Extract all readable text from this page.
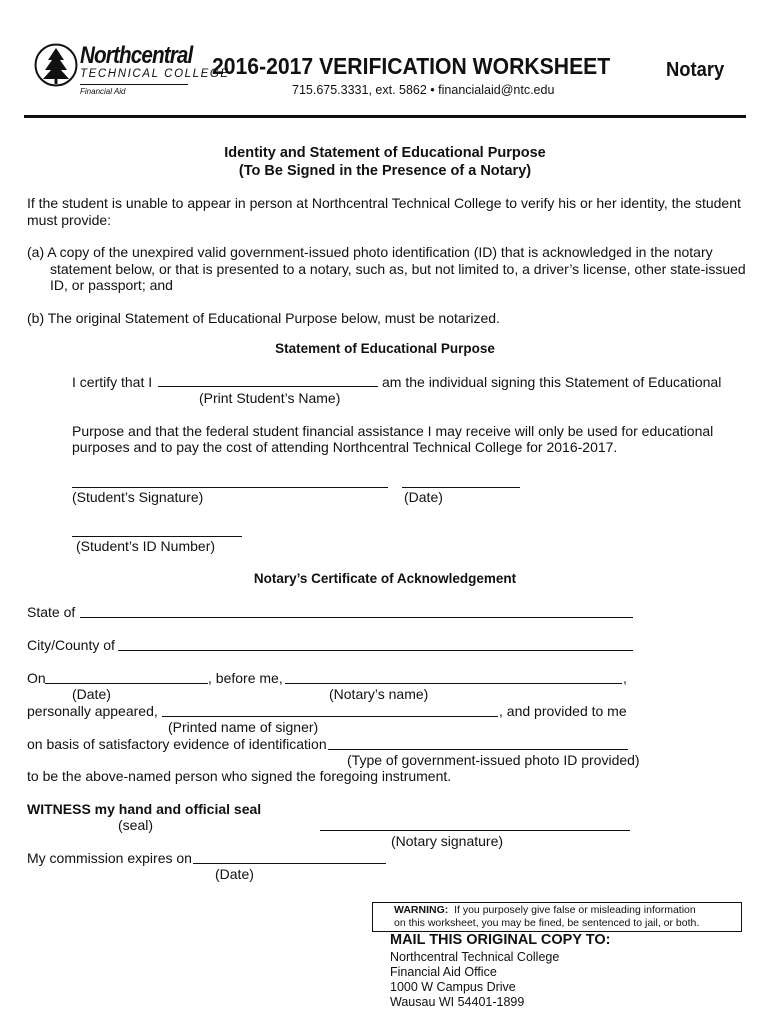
Northcentral
TECHNICAL COLLEGE
Financial Aid
2016-2017 VERIFICATION WORKSHEET	Notary
715.675.3331, ext. 5862 • financialaid@ntc.edu
Identity and Statement of Educational Purpose
(To Be Signed in the Presence of a Notary)
If the student is unable to appear in person at Northcentral Technical College to verify his or her identity, the student
must provide:
(a) A copy of the unexpired valid government-issued photo identification (ID) that is acknowledged in the notary
statement below, or that is presented to a notary, such as, but not limited to, a driver’s license, other state-issued
ID, or passport; and
(b) The original Statement of Educational Purpose below, must be notarized.
Statement of Educational Purpose
I certify that I	am the individual signing this Statement of Educational
(Print Student’s Name)
Purpose and that the federal student financial assistance I may receive will only be used for educational
purposes and to pay the cost of attending Northcentral Technical College for 2016-2017.
(Student’s Signature)	(Date)
(Student’s ID Number)
Notary’s Certificate of Acknowledgement
State of
City/County of
On	, before me,	,
(Date)	(Notary’s name)
personally appeared,	, and provided to me
(Printed name of signer)
on basis of satisfactory evidence of identification
(Type of government-issued photo ID provided)
to be the above-named person who signed the foregoing instrument.
WITNESS my hand and official seal
(seal)
(Notary signature)
My commission expires on
(Date)
WARNING: If you purposely give false or misleading information
on this worksheet, you may be fined, be sentenced to jail, or both.
MAIL THIS ORIGINAL COPY TO:
Northcentral Technical College
Financial Aid Office
1000 W Campus Drive
Wausau WI 54401-1899
